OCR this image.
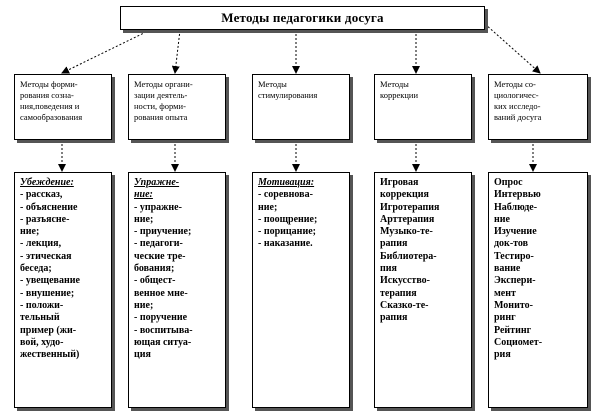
Методы педагогики досуга
Методы форми-
рования созна-
ния,поведения и
самообразования
Методы органи-
зации деятель-
ности, форми-
рования опыта
Методы
стимулирования
Методы
коррекции
Методы со-
циологичес-
ких исследо-
ваний досуга
Убеждение:
- рассказ,
- объяснение
- разъясне-
ние;
- лекция,
- этическая
беседа;
- увещевание
- внушение;
- положи-
тельный
пример (жи-
вой, худо-
жественный)
Упражне-
ние:
- упражне-
ние;
- приучение;
- педагоги-
ческие тре-
бования;
- общест-
венное мне-
ние;
- поручение
- воспитыва-
ющая ситуа-
ция
Мотивация:
- соревнова-
ние;
- поощрение;
- порицание;
- наказание.
Игровая
коррекция
Игротерапия
Арттерапия
Музыко-те-
рапия
Библиотера-
пия
Искусство-
терапия
Сказко-те-
рапия
Опрос
Интервью
Наблюде-
ние
Изучение
док-тов
Тестиро-
вание
Экспери-
мент
Монито-
ринг
Рейтинг
Социомет-
рия
